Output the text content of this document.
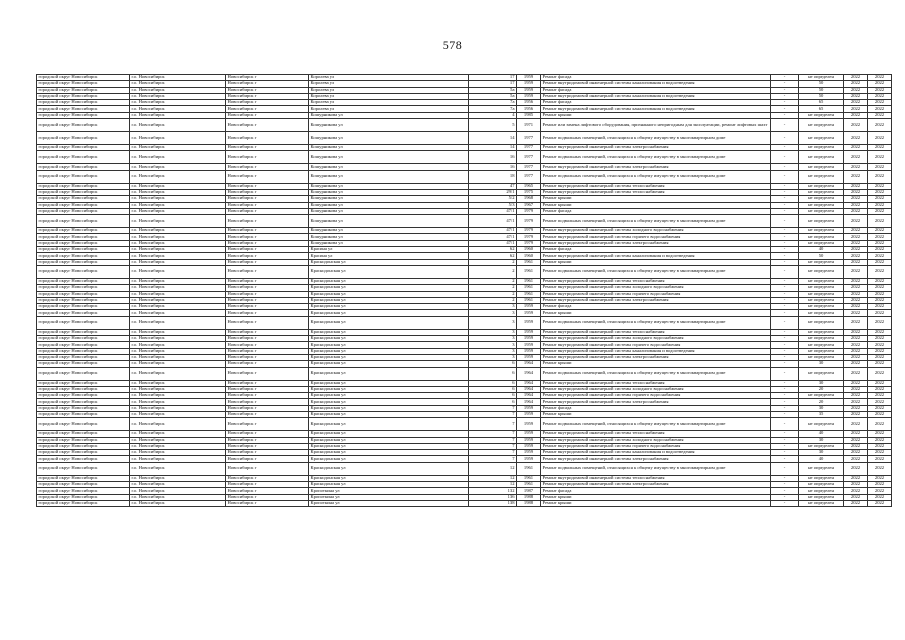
578
городской округ Новосибирск	г.о. Новосибирск	Новосибирск г	Королева ул	17	1959	Ремонт фасада	-	не определен	2022	2022
городской округ Новосибирск	г.о. Новосибирск	Новосибирск г	Королева ул	17	1959	Ремонт внутридомовой инженерной системы канализования и водоотведения	-	50	2022	2022
городской округ Новосибирск	г.о. Новосибирск	Новосибирск г	Королева ул	5а	1959	Ремонт фасада	-	50	2022	2022
городской округ Новосибирск	г.о. Новосибирск	Новосибирск г	Королева ул	5а	1959	Ремонт внутридомовой инженерной системы канализования и водоотведения	-	50	2022	2022
городской округ Новосибирск	г.о. Новосибирск	Новосибирск г	Королева ул	7а	1956	Ремонт фасада	-	65	2022	2022
городской округ Новосибирск	г.о. Новосибирск	Новосибирск г	Королева ул	7а	1956	Ремонт внутридомовой инженерной системы канализования и водоотведения	-	65	2022	2022
городской округ Новосибирск	г.о. Новосибирск	Новосибирск г	Кошурникова ул	4	1985	Ремонт крыши	-	не определен	2022	2022
городской округ Новосибирск	г.о. Новосибирск	Новосибирск г	Кошурникова ул	5	1971	Ремонт или замена лифтового оборудования, признанного непригодным для эксплуатации, ремонт лифтовых шахт	-	не определен	2022	2022
городской округ Новосибирск	г.о. Новосибирск	Новосибирск г	Кошурникова ул	14	1977	Ремонт подвальных помещений, относящихся к общему имуществу в многоквартирном доме	-	не определен	2022	2022
городской округ Новосибирск	г.о. Новосибирск	Новосибирск г	Кошурникова ул	14	1977	Ремонт внутридомовой инженерной системы электроснабжения	-	не определен	2022	2022
городской округ Новосибирск	г.о. Новосибирск	Новосибирск г	Кошурникова ул	16	1977	Ремонт подвальных помещений, относящихся к общему имуществу в многоквартирном доме	-	не определен	2022	2022
городской округ Новосибирск	г.о. Новосибирск	Новосибирск г	Кошурникова ул	16	1977	Ремонт внутридомовой инженерной системы электроснабжения	-	не определен	2022	2022
городской округ Новосибирск	г.о. Новосибирск	Новосибирск г	Кошурникова ул	18	1977	Ремонт подвальных помещений, относящихся к общему имуществу в многоквартирном доме	-	не определен	2022	2022
городской округ Новосибирск	г.о. Новосибирск	Новосибирск г	Кошурникова ул	47	1965	Ремонт внутридомовой инженерной системы теплоснабжения	-	не определен	2022	2022
городской округ Новосибирск	г.о. Новосибирск	Новосибирск г	Кошурникова ул	29/1	1975	Ремонт внутридомовой инженерной системы теплоснабжения	-	не определен	2022	2022
городской округ Новосибирск	г.о. Новосибирск	Новосибирск г	Кошурникова ул	5/2	1968	Ремонт крыши	-	не определен	2022	2022
городской округ Новосибирск	г.о. Новосибирск	Новосибирск г	Кошурникова ул	5/3	1967	Ремонт крыши	-	не определен	2022	2022
городской округ Новосибирск	г.о. Новосибирск	Новосибирск г	Кошурникова ул	47/1	1979	Ремонт фасада	-	не определен	2022	2022
городской округ Новосибирск	г.о. Новосибирск	Новосибирск г	Кошурникова ул	47/1	1979	Ремонт подвальных помещений, относящихся к общему имуществу в многоквартирном доме	-	не определен	2022	2022
городской округ Новосибирск	г.о. Новосибирск	Новосибирск г	Кошурникова ул	47/1	1979	Ремонт внутридомовой инженерной системы холодного водоснабжения	-	не определен	2022	2022
городской округ Новосибирск	г.о. Новосибирск	Новосибирск г	Кошурникова ул	47/1	1979	Ремонт внутридомовой инженерной системы горячего водоснабжения	-	не определен	2022	2022
городской округ Новосибирск	г.о. Новосибирск	Новосибирск г	Кошурникова ул	47/1	1979	Ремонт внутридомовой инженерной системы электроснабжения	-	не определен	2022	2022
городской округ Новосибирск	г.о. Новосибирск	Новосибирск г	Красина ул	62	1960	Ремонт фасада	-	40	2022	2022
городской округ Новосибирск	г.о. Новосибирск	Новосибирск г	Красина ул	62	1960	Ремонт внутридомовой инженерной системы канализования и водоотведения	-	50	2022	2022
городской округ Новосибирск	г.о. Новосибирск	Новосибирск г	Краснодонская ул	2	1961	Ремонт крыши	-	не определен	2022	2022
городской округ Новосибирск	г.о. Новосибирск	Новосибирск г	Краснодонская ул	2	1961	Ремонт подвальных помещений, относящихся к общему имуществу в многоквартирном доме	-	не определен	2022	2022
городской округ Новосибирск	г.о. Новосибирск	Новосибирск г	Краснодонская ул	2	1961	Ремонт внутридомовой инженерной системы теплоснабжения	-	не определен	2022	2022
городской округ Новосибирск	г.о. Новосибирск	Новосибирск г	Краснодонская ул	2	1961	Ремонт внутридомовой инженерной системы холодного водоснабжения	-	не определен	2022	2022
городской округ Новосибирск	г.о. Новосибирск	Новосибирск г	Краснодонская ул	2	1961	Ремонт внутридомовой инженерной системы горячего водоснабжения	-	не определен	2022	2022
городской округ Новосибирск	г.о. Новосибирск	Новосибирск г	Краснодонская ул	2	1961	Ремонт внутридомовой инженерной системы электроснабжения	-	не определен	2022	2022
городской округ Новосибирск	г.о. Новосибирск	Новосибирск г	Краснодонская ул	3	1959	Ремонт фасада	-	не определен	2022	2022
городской округ Новосибирск	г.о. Новосибирск	Новосибирск г	Краснодонская ул	3	1959	Ремонт крыши	-	не определен	2022	2022
городской округ Новосибирск	г.о. Новосибирск	Новосибирск г	Краснодонская ул	3	1959	Ремонт подвальных помещений, относящихся к общему имуществу в многоквартирном доме	-	не определен	2022	2022
городской округ Новосибирск	г.о. Новосибирск	Новосибирск г	Краснодонская ул	3	1959	Ремонт внутридомовой инженерной системы теплоснабжения	-	не определен	2022	2022
городской округ Новосибирск	г.о. Новосибирск	Новосибирск г	Краснодонская ул	3	1959	Ремонт внутридомовой инженерной системы холодного водоснабжения	-	не определен	2022	2022
городской округ Новосибирск	г.о. Новосибирск	Новосибирск г	Краснодонская ул	3	1959	Ремонт внутридомовой инженерной системы горячего водоснабжения	-	не определен	2022	2022
городской округ Новосибирск	г.о. Новосибирск	Новосибирск г	Краснодонская ул	3	1959	Ремонт внутридомовой инженерной системы канализования и водоотведения	-	не определен	2022	2022
городской округ Новосибирск	г.о. Новосибирск	Новосибирск г	Краснодонская ул	3	1959	Ремонт внутридомовой инженерной системы электроснабжения	-	не определен	2022	2022
городской округ Новосибирск	г.о. Новосибирск	Новосибирск г	Краснодонская ул	6	1964	Ремонт крыши	-	30	2022	2022
городской округ Новосибирск	г.о. Новосибирск	Новосибирск г	Краснодонская ул	6	1964	Ремонт подвальных помещений, относящихся к общему имуществу в многоквартирном доме	-	не определен	2022	2022
городской округ Новосибирск	г.о. Новосибирск	Новосибирск г	Краснодонская ул	6	1964	Ремонт внутридомовой инженерной системы теплоснабжения	-	30	2022	2022
городской округ Новосибирск	г.о. Новосибирск	Новосибирск г	Краснодонская ул	6	1964	Ремонт внутридомовой инженерной системы холодного водоснабжения	-	20	2022	2022
городской округ Новосибирск	г.о. Новосибирск	Новосибирск г	Краснодонская ул	6	1964	Ремонт внутридомовой инженерной системы горячего водоснабжения	-	не определен	2022	2022
городской округ Новосибирск	г.о. Новосибирск	Новосибирск г	Краснодонская ул	6	1964	Ремонт внутридомовой инженерной системы электроснабжения	-	20	2022	2022
городской округ Новосибирск	г.о. Новосибирск	Новосибирск г	Краснодонская ул	7	1959	Ремонт фасада	-	30	2022	2022
городской округ Новосибирск	г.о. Новосибирск	Новосибирск г	Краснодонская ул	7	1959	Ремонт крыши	-	35	2022	2022
городской округ Новосибирск	г.о. Новосибирск	Новосибирск г	Краснодонская ул	7	1959	Ремонт подвальных помещений, относящихся к общему имуществу в многоквартирном доме	-	не определен	2022	2022
городской округ Новосибирск	г.о. Новосибирск	Новосибирск г	Краснодонская ул	7	1959	Ремонт внутридомовой инженерной системы теплоснабжения	-	40	2022	2022
городской округ Новосибирск	г.о. Новосибирск	Новосибирск г	Краснодонская ул	7	1959	Ремонт внутридомовой инженерной системы холодного водоснабжения	-	30	2022	2022
городской округ Новосибирск	г.о. Новосибирск	Новосибирск г	Краснодонская ул	7	1959	Ремонт внутридомовой инженерной системы горячего водоснабжения	-	не определен	2022	2022
городской округ Новосибирск	г.о. Новосибирск	Новосибирск г	Краснодонская ул	7	1959	Ремонт внутридомовой инженерной системы канализования и водоотведения	-	30	2022	2022
городской округ Новосибирск	г.о. Новосибирск	Новосибирск г	Краснодонская ул	7	1959	Ремонт внутридомовой инженерной системы электроснабжения	-	40	2022	2022
городской округ Новосибирск	г.о. Новосибирск	Новосибирск г	Краснодонская ул	12	1961	Ремонт подвальных помещений, относящихся к общему имуществу в многоквартирном доме	-	не определен	2022	2022
городской округ Новосибирск	г.о. Новосибирск	Новосибирск г	Краснодонская ул	12	1961	Ремонт внутридомовой инженерной системы теплоснабжения	-	не определен	2022	2022
городской округ Новосибирск	г.о. Новосибирск	Новосибирск г	Краснодонская ул	12	1961	Ремонт внутридомовой инженерной системы электроснабжения	-	не определен	2022	2022
городской округ Новосибирск	г.о. Новосибирск	Новосибирск г	Кропоткина ул	132	1987	Ремонт фасада	-	не определен	2022	2022
городской округ Новосибирск	г.о. Новосибирск	Новосибирск г	Кропоткина ул	136	1988	Ремонт крыши	-	не определен	2022	2022
городской округ Новосибирск	г.о. Новосибирск	Новосибирск г	Кропоткина ул	138	1988	Ремонт крыши	-	не определен	2022	2022
